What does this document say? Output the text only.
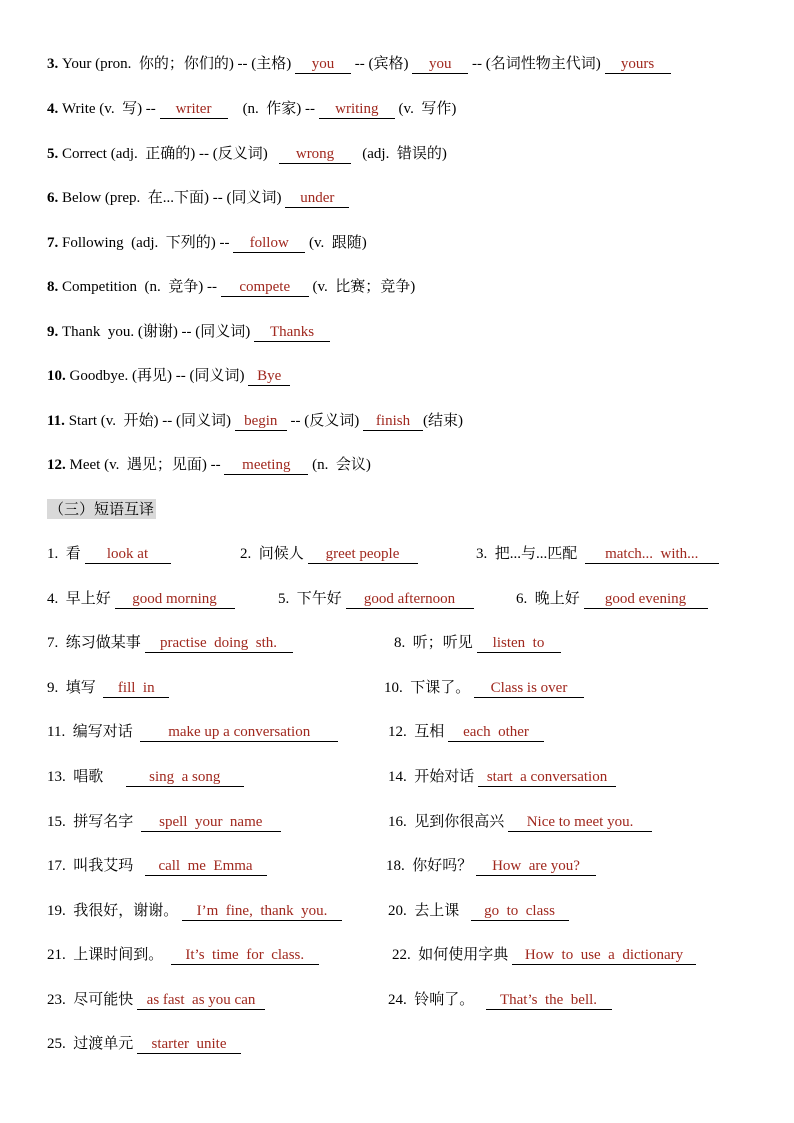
3. Your (pron.  你的；你们的) -- (主格) you -- (宾格) you -- (名词性物主代词) yours
4. Write (v.  写) -- writer    (n.  作家) -- writing (v.  写作)
5. Correct (adj.  正确的) -- (反义词)   wrong   (adj.  错误的)
6. Below (prep.  在...下面) -- (同义词) under
7. Following  (adj.  下列的) -- follow (v.  跟随)
8. Competition  (n.  竞争) -- compete (v.  比赛；竞争)
9. Thank  you. (谢谢) -- (同义词) Thanks
10. Goodbye. (再见) -- (同义词) Bye
11. Start (v.  开始) -- (同义词) begin -- (反义词) finish (结束)
12. Meet (v.  遇见；见面) -- meeting (n.  会议)
（三）短语互译
1.  看 look at	2.  问候人 greet people	3.  把...与...匹配  match...  with...
4.  早上好 good morning	5.  下午好 good afternoon	6.  晚上好 good evening
7.  练习做某事 practise  doing  sth.	8.  听；听见 listen  to
9.  填写  fill  in	10.  下课了。 Class is over
11.  编写对话  make up a conversation	12.  互相 each  other
13.  唱歌      sing  a song	14.  开始对话 start  a conversation
15.  拼写名字  spell  your  name	16.  见到你很高兴 Nice to meet you.
17.  叫我艾玛   call  me  Emma	18.  你好吗？ How  are you?
19.  我很好，谢谢。 I’m  fine,  thank  you.	20.  去上课   go  to  class
21.  上课时间到。  It’s  time  for  class.	22.  如何使用字典 How  to  use  a  dictionary
23.  尽可能快 as fast  as you can	24.  铃响了。   That’s  the  bell.
25.  过渡单元 starter  unite
